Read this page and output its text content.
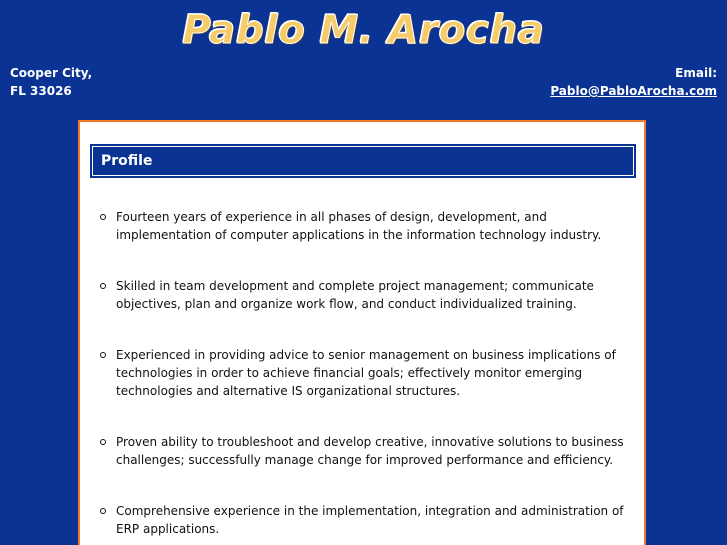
Pablo M. Arocha
Cooper City,
FL 33026
Email:
Pablo@PabloArocha.com
Profile
Fourteen years of experience in all phases of design, development, and implementation of computer applications in the information technology industry.
Skilled in team development and complete project management; communicate objectives, plan and organize work flow, and conduct individualized training.
Experienced in providing advice to senior management on business implications of technologies in order to achieve financial goals; effectively monitor emerging technologies and alternative IS organizational structures.
Proven ability to troubleshoot and develop creative, innovative solutions to business challenges; successfully manage change for improved performance and efficiency.
Comprehensive experience in the implementation, integration and administration of ERP applications.
